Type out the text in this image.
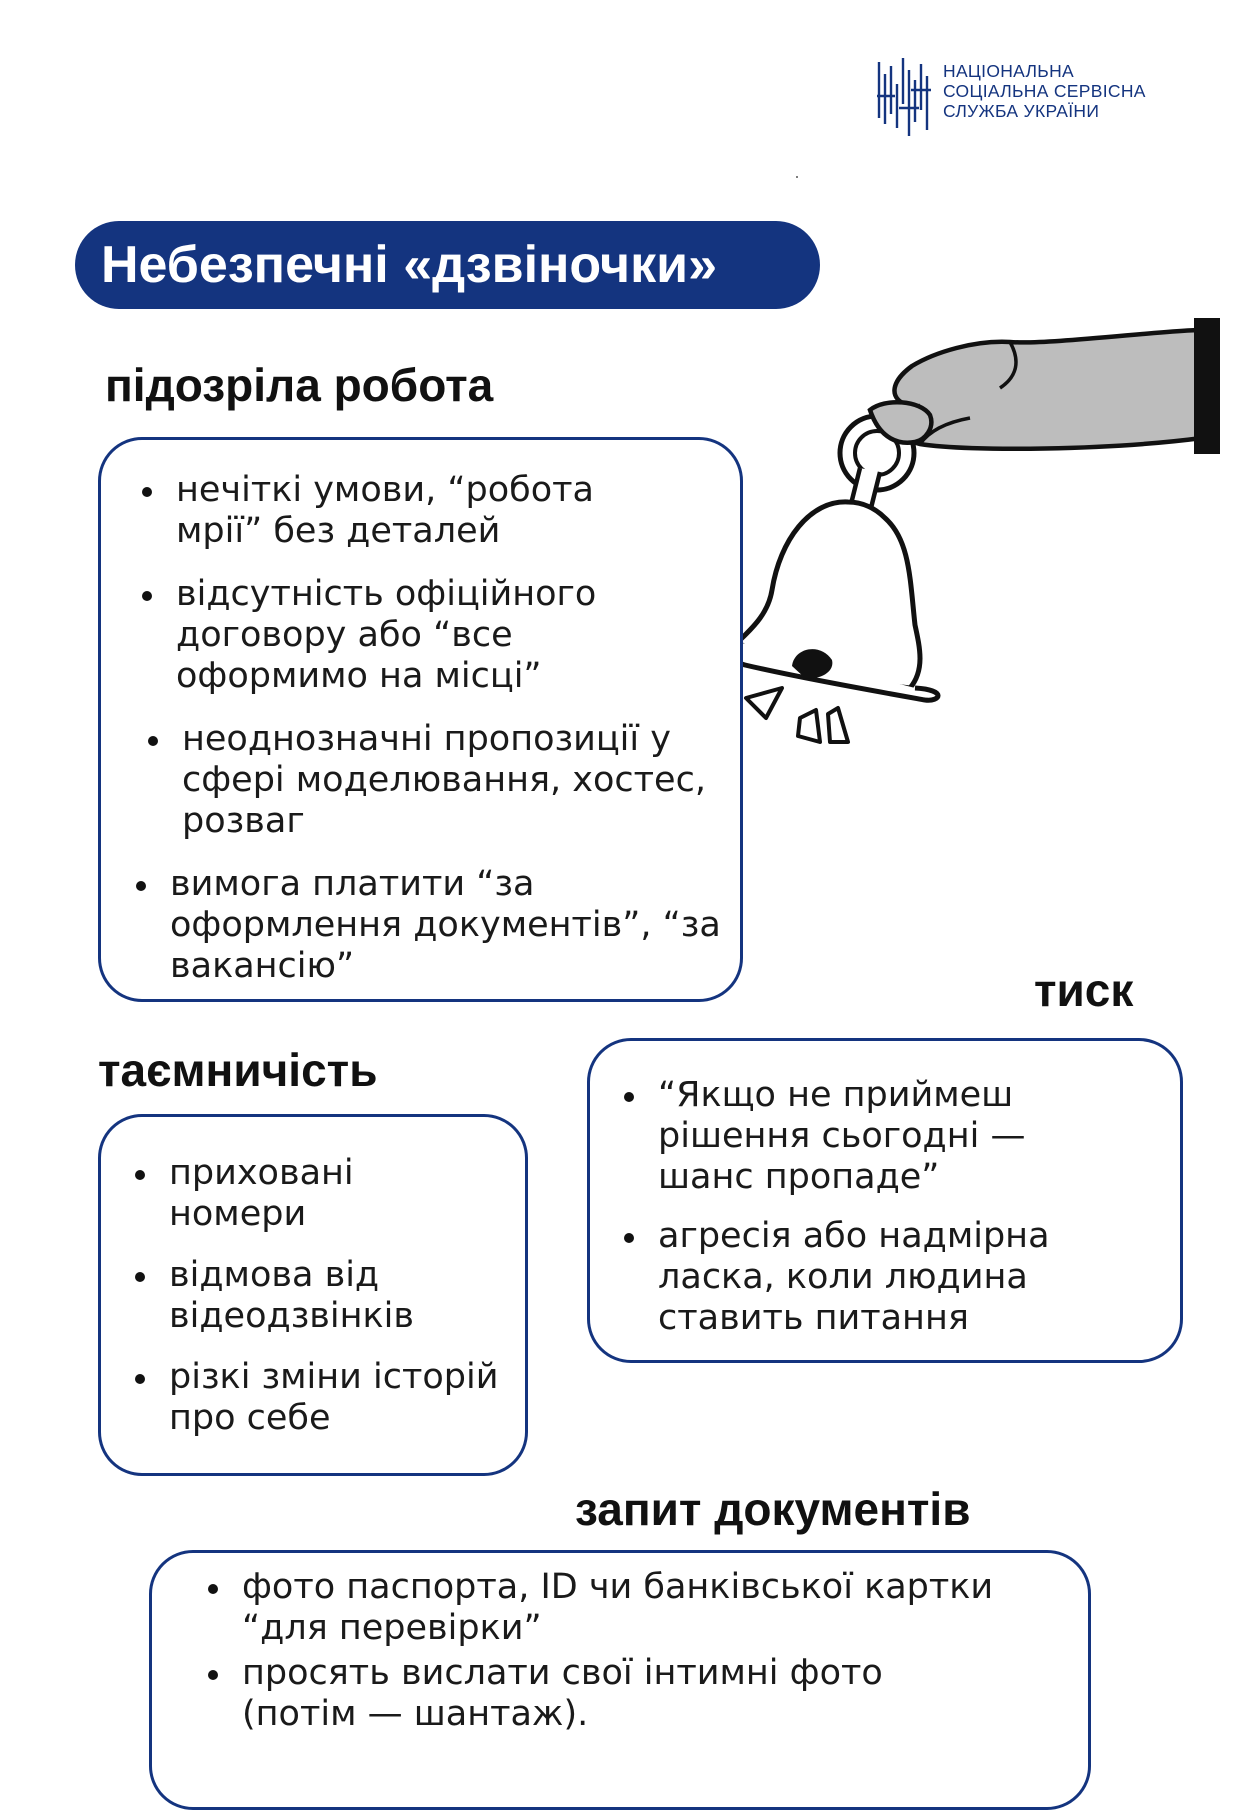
НАЦІОНАЛЬНА
СОЦІАЛЬНА СЕРВІСНА
СЛУЖБА УКРАЇНИ
Небезпечні «дзвіночки»
підозріла робота
нечіткі умови, “робота мрії” без деталей
відсутність офіційного договору або “все оформимо на місці”
неоднозначні пропозиції у сфері моделювання, хостес, розваг
вимога платити “за оформлення документів”, “за вакансію”	тиск
“Якщо не приймеш рішення сьогодні — шанс пропаде”
агресія або надмірна ласка, коли людина ставить питання
таємничість
приховані номери
відмова від відеодзвінків
різкі зміни історій про себе
запит документів
фото паспорта, ID чи банківської картки “для перевірки”
просять вислати свої інтимні фото (потім — шантаж).
